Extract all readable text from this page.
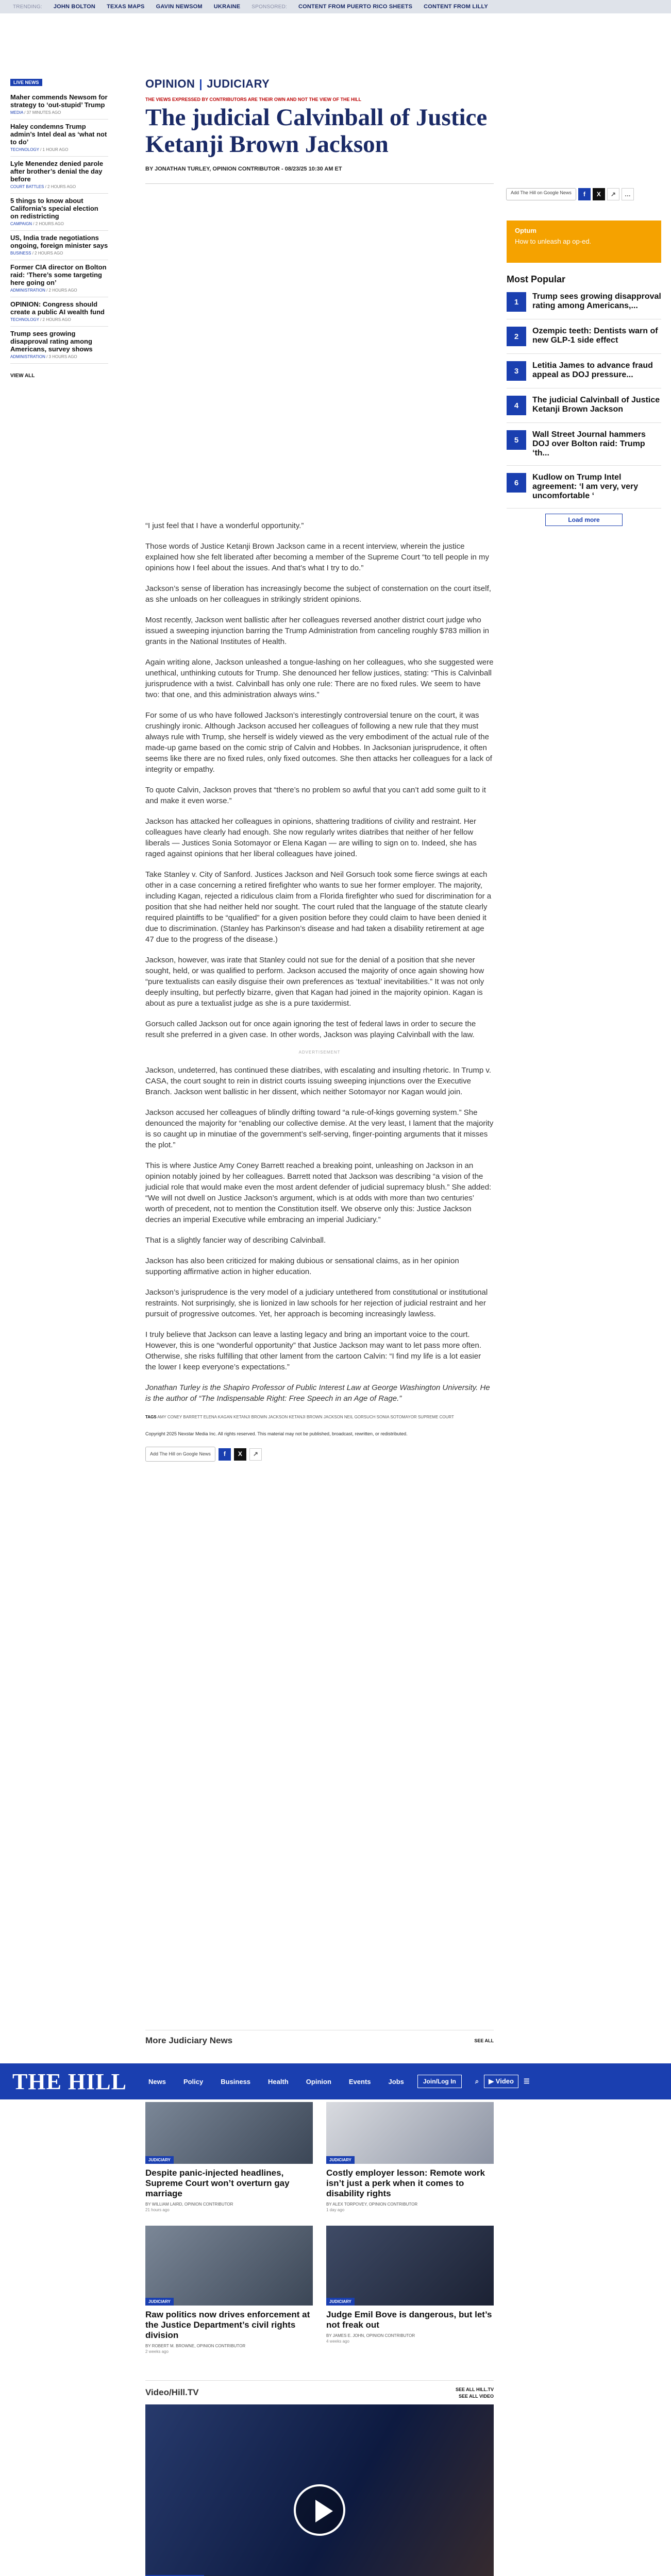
TRENDING: JOHN BOLTON TEXAS MAPS GAVIN NEWSOM UKRAINE SPONSORED: CONTENT FROM PUERTO RICO SHEETS CONTENT FROM LILLY
LIVE NEWS
Maher commends Newsom for strategy to ‘out-stupid’ Trump
MEDIA / 37 MINUTES AGO
Haley condemns Trump admin’s Intel deal as ‘what not to do’
TECHNOLOGY / 1 HOUR AGO
Lyle Menendez denied parole after brother’s denial the day before
COURT BATTLES / 2 HOURS AGO
5 things to know about California’s special election on redistricting
CAMPAIGN / 2 HOURS AGO
US, India trade negotiations ongoing, foreign minister says
BUSINESS / 2 HOURS AGO
Former CIA director on Bolton raid: ‘There’s some targeting here going on’
ADMINISTRATION / 2 HOURS AGO
OPINION: Congress should create a public AI wealth fund
TECHNOLOGY / 2 HOURS AGO
Trump sees growing disapproval rating among Americans, survey shows
ADMINISTRATION / 3 HOURS AGO
VIEW ALL
OPINION | JUDICIARY
THE VIEWS EXPRESSED BY CONTRIBUTORS ARE THEIR OWN AND NOT THE VIEW OF THE HILL
The judicial Calvinball of Justice Ketanji Brown Jackson
BY JONATHAN TURLEY, OPINION CONTRIBUTOR - 08/23/25 10:30 AM ET
Add The Hill on Google News	f	X	↗	…
Optum
How to unleash ap op-ed.
Most Popular
1
Trump sees growing disapproval rating among Americans,...
2
Ozempic teeth: Dentists warn of new GLP-1 side effect
3
Letitia James to advance fraud appeal as DOJ pressure...
4
The judicial Calvinball of Justice Ketanji Brown Jackson
5
Wall Street Journal hammers DOJ over Bolton raid: Trump ‘th...
6
Kudlow on Trump Intel agreement: ‘I am very, very uncomfortable ‘
Load more

“I just feel that I have a wonderful opportunity.”

Those words of Justice Ketanji Brown Jackson came in a recent interview, wherein the justice explained how she felt liberated after becoming a member of the Supreme Court “to tell people in my opinions how I feel about the issues. And that’s what I try to do.”

Jackson’s sense of liberation has increasingly become the subject of consternation on the court itself, as she unloads on her colleagues in strikingly strident opinions.

Most recently, Jackson went ballistic after her colleagues reversed another district court judge who issued a sweeping injunction barring the Trump Administration from canceling roughly $783 million in grants in the National Institutes of Health.

Again writing alone, Jackson unleashed a tongue-lashing on her colleagues, who she suggested were unethical, unthinking cutouts for Trump. She denounced her fellow justices, stating: “This is Calvinball jurisprudence with a twist. Calvinball has only one rule: There are no fixed rules. We seem to have two: that one, and this administration always wins.”

For some of us who have followed Jackson’s interestingly controversial tenure on the court, it was crushingly ironic. Although Jackson accused her colleagues of following a new rule that they must always rule with Trump, she herself is widely viewed as the very embodiment of the actual rule of the made-up game based on the comic strip of Calvin and Hobbes. In Jacksonian jurisprudence, it often seems like there are no fixed rules, only fixed outcomes. She then attacks her colleagues for a lack of integrity or empathy.

To quote Calvin, Jackson proves that “there’s no problem so awful that you can’t add some guilt to it and make it even worse.”

Jackson has attacked her colleagues in opinions, shattering traditions of civility and restraint. Her colleagues have clearly had enough. She now regularly writes diatribes that neither of her fellow liberals — Justices Sonia Sotomayor or Elena Kagan — are willing to sign on to. Indeed, she has raged against opinions that her liberal colleagues have joined.

Take Stanley v. City of Sanford. Justices Jackson and Neil Gorsuch took some fierce swings at each other in a case concerning a retired firefighter who wants to sue her former employer. The majority, including Kagan, rejected a ridiculous claim from a Florida firefighter who sued for discrimination for a position that she had neither held nor sought. The court ruled that the language of the statute clearly required plaintiffs to be “qualified” for a given position before they could claim to have been denied it due to discrimination. (Stanley has Parkinson’s disease and had taken a disability retirement at age 47 due to the progress of the disease.)

Jackson, however, was irate that Stanley could not sue for the denial of a position that she never sought, held, or was qualified to perform. Jackson accused the majority of once again showing how “pure textualists can easily disguise their own preferences as ‘textual’ inevitabilities.” It was not only deeply insulting, but perfectly bizarre, given that Kagan had joined in the majority opinion. Kagan is about as pure a textualist judge as she is a pure taxidermist.

Gorsuch called Jackson out for once again ignoring the test of federal laws in order to secure the result she preferred in a given case. In other words, Jackson was playing Calvinball with the law.

ADVERTISEMENT

Jackson, undeterred, has continued these diatribes, with escalating and insulting rhetoric. In Trump v. CASA, the court sought to rein in district courts issuing sweeping injunctions over the Executive Branch. Jackson went ballistic in her dissent, which neither Sotomayor nor Kagan would join.

Jackson accused her colleagues of blindly drifting toward “a rule-of-kings governing system.” She denounced the majority for “enabling our collective demise. At the very least, I lament that the majority is so caught up in minutiae of the government’s self-serving, finger-pointing arguments that it misses the plot.”

This is where Justice Amy Coney Barrett reached a breaking point, unleashing on Jackson in an opinion notably joined by her colleagues. Barrett noted that Jackson was describing “a vision of the judicial role that would make even the most ardent defender of judicial supremacy blush.” She added: “We will not dwell on Justice Jackson’s argument, which is at odds with more than two centuries’ worth of precedent, not to mention the Constitution itself. We observe only this: Justice Jackson decries an imperial Executive while embracing an imperial Judiciary.”

That is a slightly fancier way of describing Calvinball.

Jackson has also been criticized for making dubious or sensational claims, as in her opinion supporting affirmative action in higher education.

Jackson’s jurisprudence is the very model of a judiciary untethered from constitutional or institutional restraints. Not surprisingly, she is lionized in law schools for her rejection of judicial restraint and her pursuit of progressive outcomes. Yet, her approach is becoming increasingly lawless.

I truly believe that Jackson can leave a lasting legacy and bring an important voice to the court. However, this is one “wonderful opportunity” that Justice Jackson may want to let pass more often. Otherwise, she risks fulfilling that other lament from the cartoon Calvin: “I find my life is a lot easier the lower I keep everyone’s expectations.”

Jonathan Turley is the Shapiro Professor of Public Interest Law at George Washington University. He is the author of “The Indispensable Right: Free Speech in an Age of Rage.”

TAGS AMY CONEY BARRETT ELENA KAGAN KETANJI BROWN JACKSON KETANJI BROWN JACKSON NEIL GORSUCH SONIA SOTOMAYOR SUPREME COURT
Copyright 2025 Nexstar Media Inc. All rights reserved. This material may not be published, broadcast, rewritten, or redistributed.
Add The Hill on Google News	f	X	↗
More Judiciary News	SEE ALL
THE HILL	News	Policy	Business	Health	Opinion	Events	Jobs	Join/Log In	⌕	▶ Video	☰
JUDICIARY
Despite panic-injected headlines, Supreme Court won’t overturn gay marriage
BY WILLIAM LAIRD, OPINION CONTRIBUTOR
21 hours ago
JUDICIARY
Costly employer lesson: Remote work isn’t just a perk when it comes to disability rights
BY ALEX TORPOVEY, OPINION CONTRIBUTOR
1 day ago
JUDICIARY
Raw politics now drives enforcement at the Justice Department’s civil rights division
BY ROBERT M. BROWNE, OPINION CONTRIBUTOR
2 weeks ago
JUDICIARY
Judge Emil Bove is dangerous, but let’s not freak out
BY JAMES E. JOHN, OPINION CONTRIBUTOR
4 weeks ago
Video/Hill.TV	SEE ALL HILL.TV
SEE ALL VIDEO
